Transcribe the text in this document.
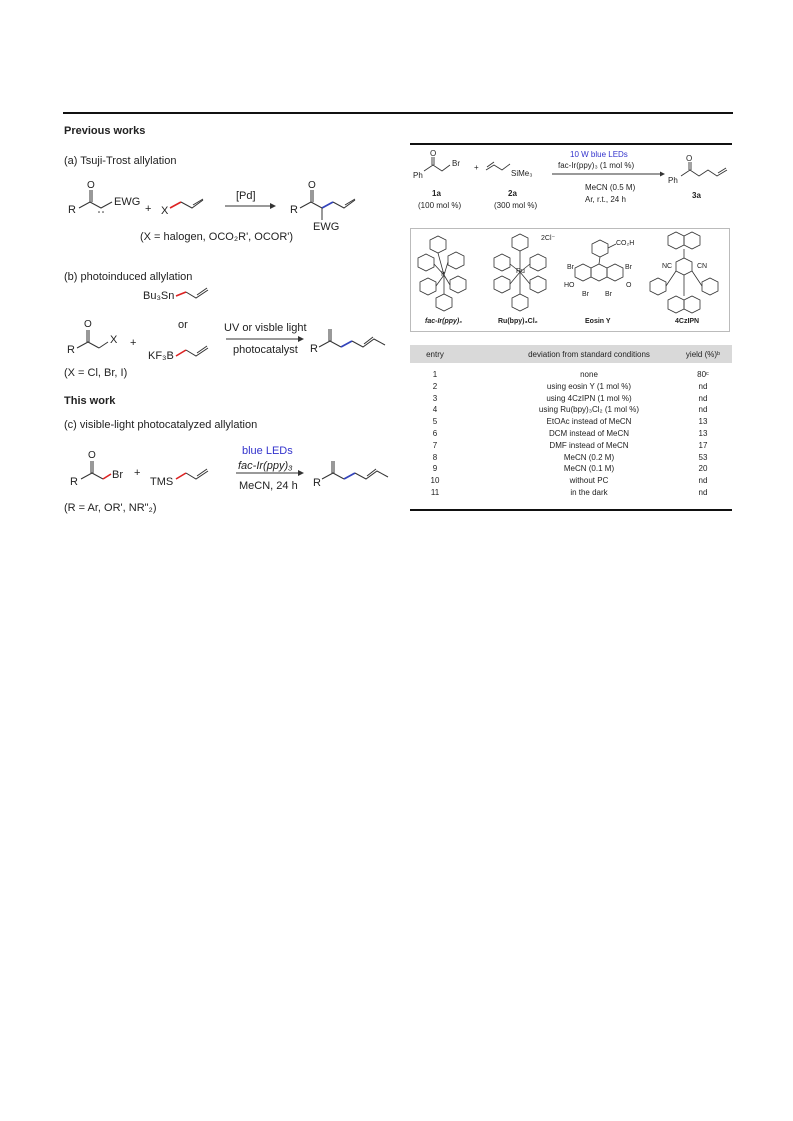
Previous works
(a) Tsuji-Trost allylation
O
R
EWG
+ X
[Pd]
O
R
EWG
(X = halogen, OCO₂R', OCOR')
(b) photoinduced allylation
O
R
X +
Bu₃Sn
or
KF₃B
UV or visble light
photocatalyst R
(X = Cl, Br, I)
This work
(c) visible-light photocatalyzed allylation
O
R
Br +
TMS
blue LEDs
fac-Ir(ppy)₃
MeCN, 24 h R
(R = Ar, OR', NR"₂)
O
Ph
Br +
SiMe₃
10 W blue LEDs
fac-Ir(ppy)₃ (1 mol %)
MeCN (0.5 M)
Ar, r.t., 24 h
O
Ph
1a
(100 mol %)
2a
(300 mol %)
3a
2Cl⁻
Ru
Ir
CO₂H
Br	Br
HO	O
Br Br
NC	CN
fac-Ir(ppy)₃	Ru(bpy)₃Cl₂	Eosin Y	4CzIPN
entry	deviation from standard conditions	yield (%)ᵇ
1	none	80ᶜ
2	using eosin Y (1 mol %)	nd
3	using 4CzIPN (1 mol %)	nd
4	using Ru(bpy)₃Cl₂ (1 mol %)	nd
5	EtOAc instead of MeCN	13
6	DCM instead of MeCN	13
7	DMF instead of MeCN	17
8	MeCN (0.2 M)	53
9	MeCN (0.1 M)	20
10	without PC	nd
11	in the dark	nd
